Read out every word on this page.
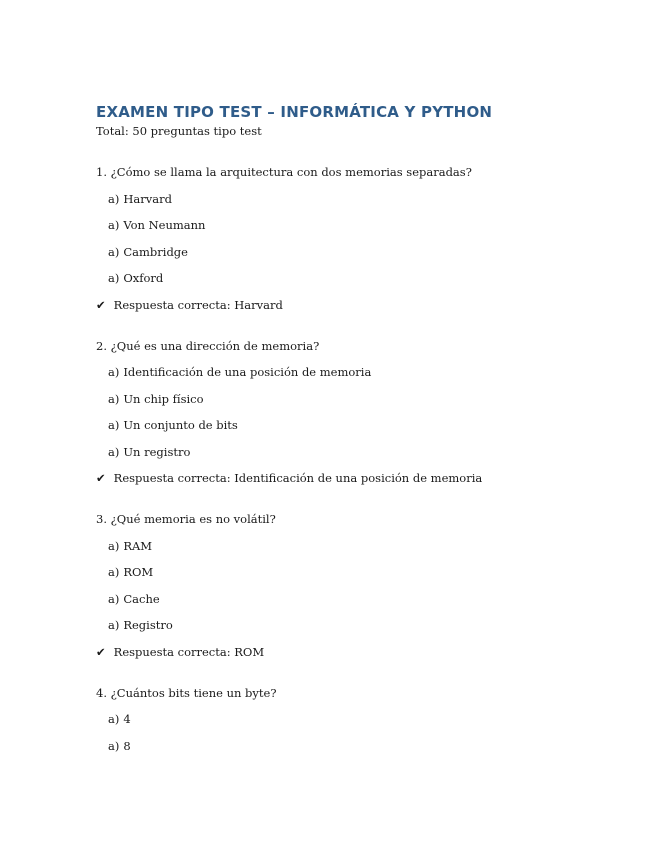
EXAMEN TIPO TEST – INFORMÁTICA Y PYTHON
Total: 50 preguntas tipo test
1. ¿Cómo se llama la arquitectura con dos memorias separadas?
a) Harvard
a) Von Neumann
a) Cambridge
a) Oxford
✔ Respuesta correcta: Harvard
2. ¿Qué es una dirección de memoria?
a) Identificación de una posición de memoria
a) Un chip físico
a) Un conjunto de bits
a) Un registro
✔ Respuesta correcta: Identificación de una posición de memoria
3. ¿Qué memoria es no volátil?
a) RAM
a) ROM
a) Cache
a) Registro
✔ Respuesta correcta: ROM
4. ¿Cuántos bits tiene un byte?
a) 4
a) 8
